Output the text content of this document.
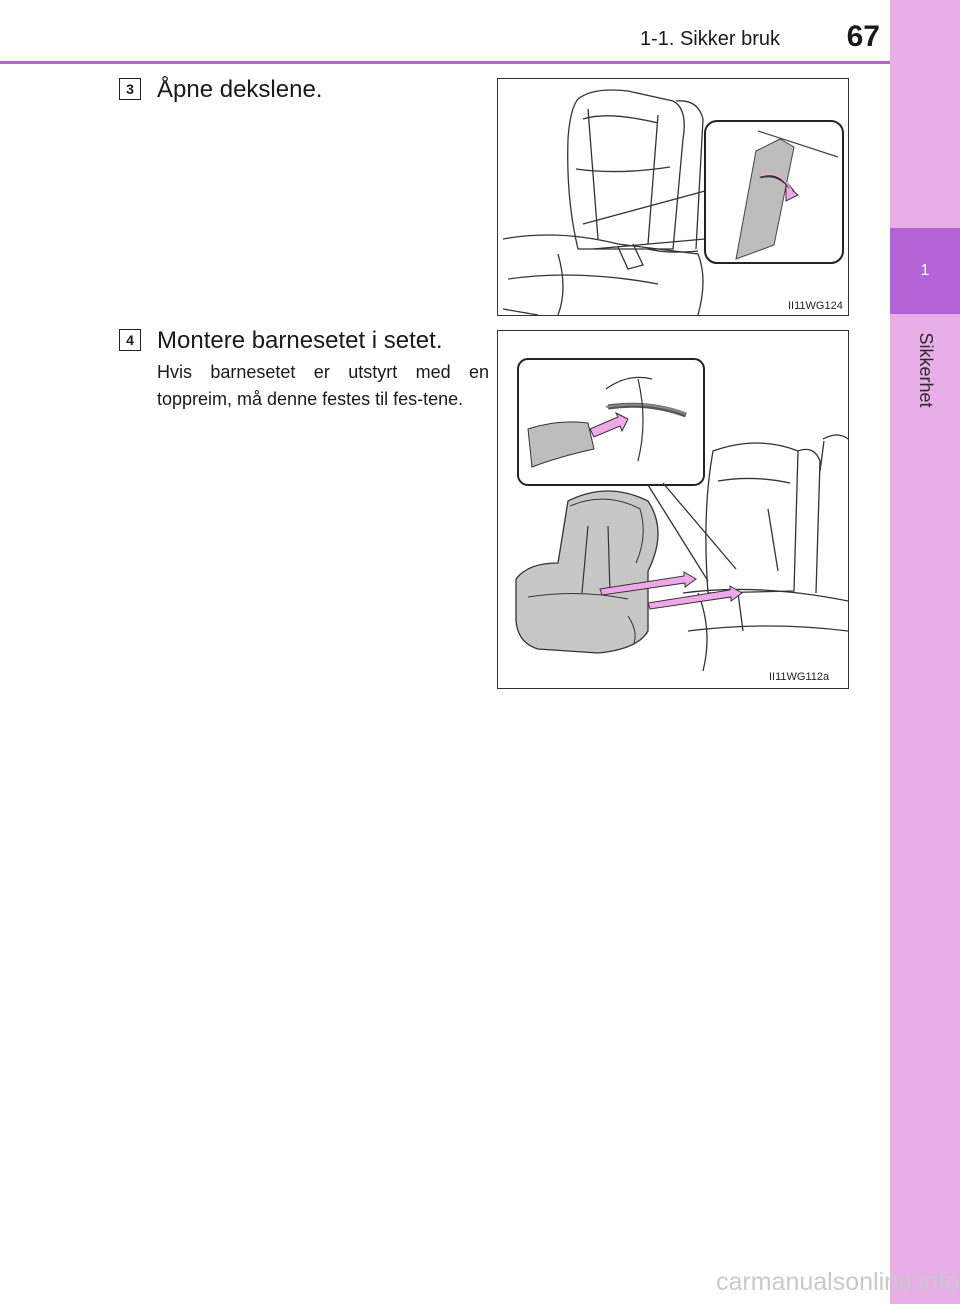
1
Sikkerhet
1-1. Sikker bruk	67
3 Åpne dekslene.
II11WG124
4 Montere barnesetet i setet.
Hvis barnesetet er utstyrt med en toppreim, må denne festes til fes-tene.
II11WG112a
carmanualsonline.info
